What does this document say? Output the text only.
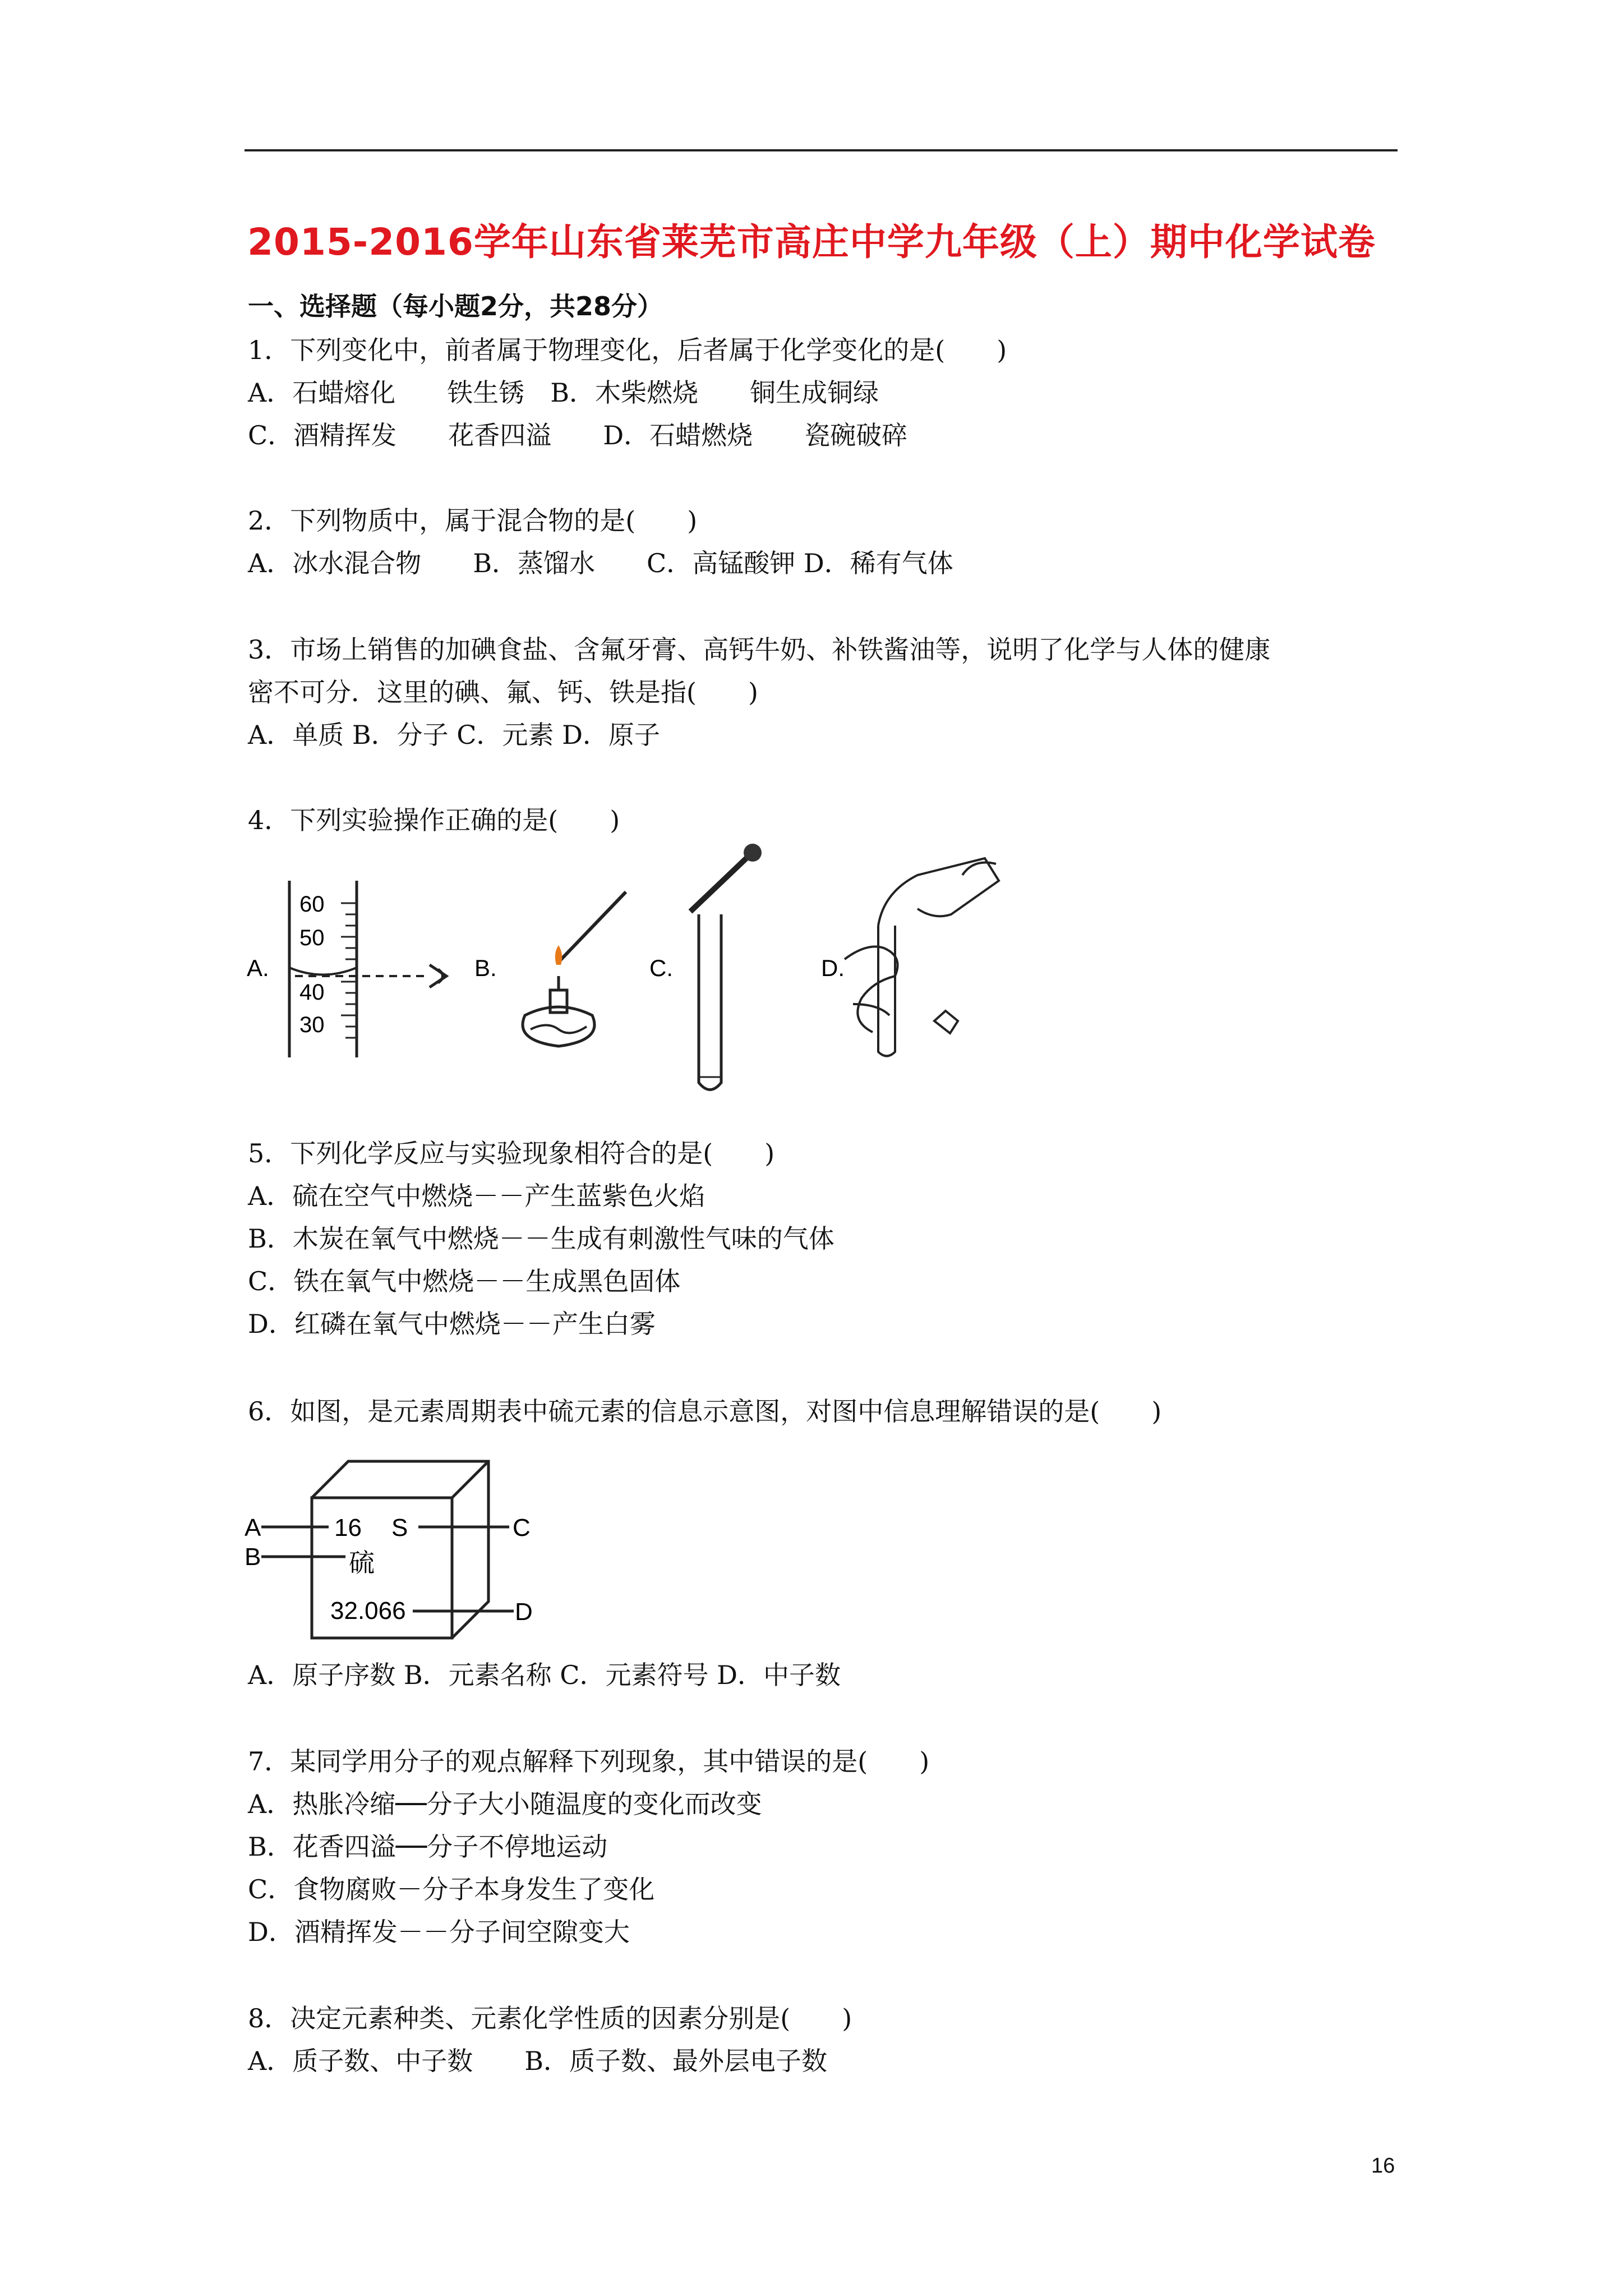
2015-2016学年山东省莱芜市高庄中学九年级（上）期中化学试卷
一、选择题（每小题2分，共28分）
1．下列变化中，前者属于物理变化，后者属于化学变化的是(　　)
A．石蜡熔化　　铁生锈　B．木柴燃烧　　铜生成铜绿
C．酒精挥发　　花香四溢　　D．石蜡燃烧　　瓷碗破碎
2．下列物质中，属于混合物的是(　　)
A．冰水混合物　　B．蒸馏水　　C．高锰酸钾 D．稀有气体
3．市场上销售的加碘食盐、含氟牙膏、高钙牛奶、补铁酱油等，说明了化学与人体的健康
密不可分．这里的碘、氟、钙、铁是指(　　)
A．单质 B．分子 C．元素 D．原子
4．下列实验操作正确的是(　　)
A.
60
50
40
30
B.	C.	D.
5．下列化学反应与实验现象相符合的是(　　)
A．硫在空气中燃烧－－产生蓝紫色火焰
B．木炭在氧气中燃烧－－生成有刺激性气味的气体
C．铁在氧气中燃烧－－生成黑色固体
D．红磷在氧气中燃烧－－产生白雾
6．如图，是元素周期表中硫元素的信息示意图，对图中信息理解错误的是(　　)
A
B
C
D
16 S
硫
32.066
A．原子序数 B．元素名称 C．元素符号 D．中子数
7．某同学用分子的观点解释下列现象，其中错误的是(　　)
A．热胀冷缩──分子大小随温度的变化而改变
B．花香四溢──分子不停地运动
C．食物腐败－分子本身发生了变化
D．酒精挥发－－分子间空隙变大
8．决定元素种类、元素化学性质的因素分别是(　　)
A．质子数、中子数　　B．质子数、最外层电子数
16
